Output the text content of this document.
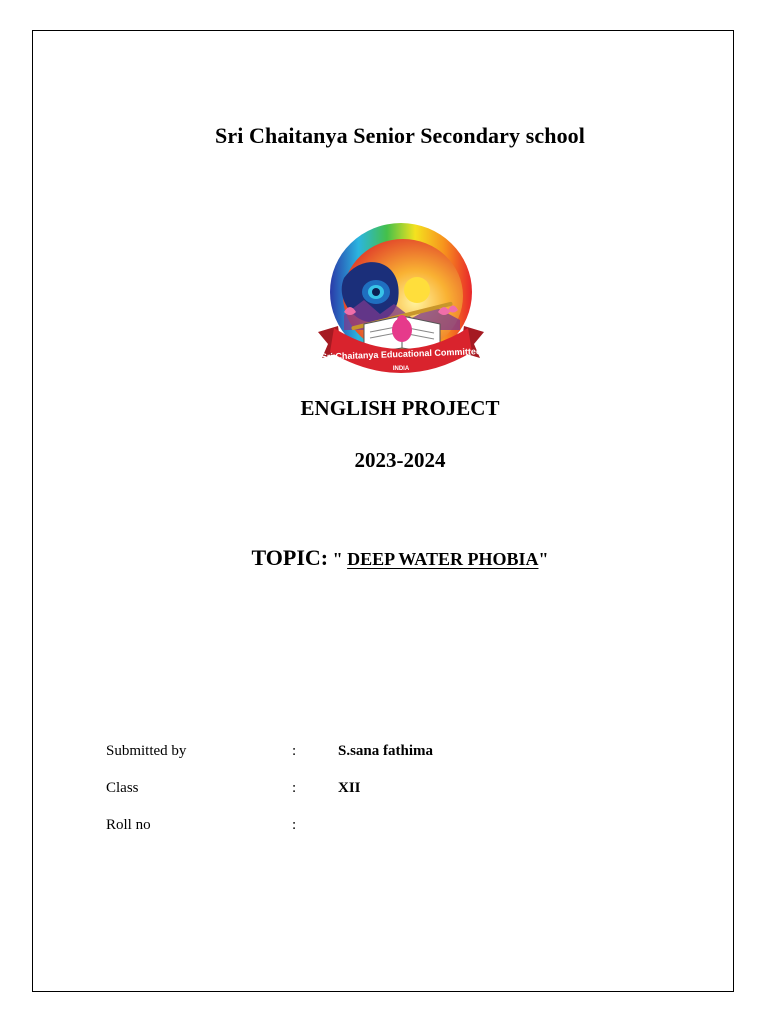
Sri Chaitanya Senior Secondary school
Sri Chaitanya Educational Committee
INDIA
ENGLISH PROJECT
2023-2024
TOPIC: " DEEP WATER PHOBIA"
Submitted by	:	S.sana fathima
Class	:	XII
Roll no	:
